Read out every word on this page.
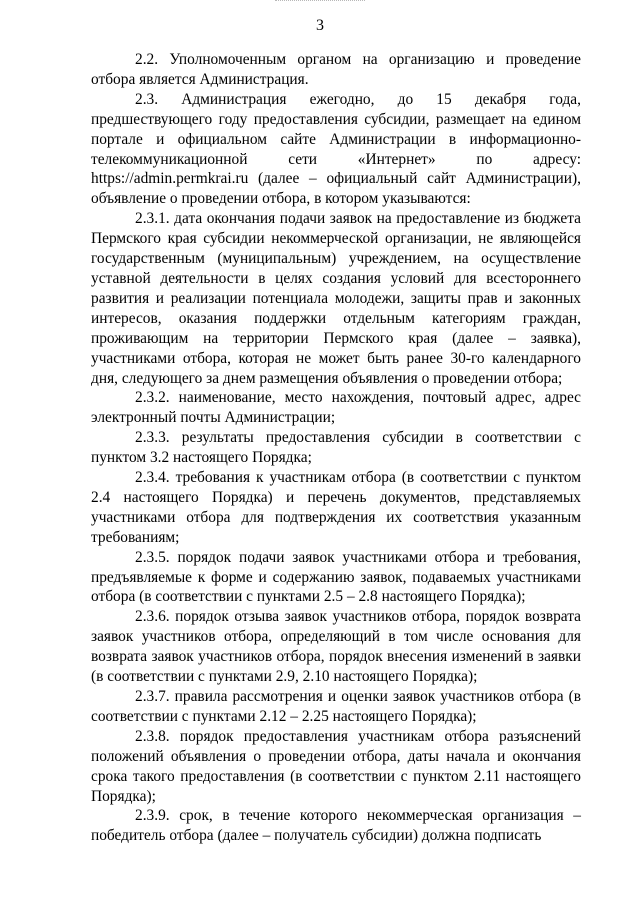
3

2.2. Уполномоченным органом на организацию и проведение отбора является Администрация.

2.3. Администрация ежегодно, до 15 декабря года, предшествующего году предоставления субсидии, размещает на едином портале и официальном сайте Администрации в информационно-телекоммуникационной сети «Интернет» по адресу: https://admin.permkrai.ru (далее – официальный сайт Администрации), объявление о проведении отбора, в котором указываются:

2.3.1. дата окончания подачи заявок на предоставление из бюджета Пермского края субсидии некоммерческой организации, не являющейся государственным (муниципальным) учреждением, на осуществление уставной деятельности в целях создания условий для всестороннего развития и реализации потенциала молодежи, защиты прав и законных интересов, оказания поддержки отдельным категориям граждан, проживающим на территории Пермского края (далее – заявка), участниками отбора, которая не может быть ранее 30-го календарного дня, следующего за днем размещения объявления о проведении отбора;

2.3.2. наименование, место нахождения, почтовый адрес, адрес электронный почты Администрации;

2.3.3. результаты предоставления субсидии в соответствии с пунктом 3.2 настоящего Порядка;

2.3.4. требования к участникам отбора (в соответствии с пунктом 2.4 настоящего Порядка) и перечень документов, представляемых участниками отбора для подтверждения их соответствия указанным требованиям;

2.3.5. порядок подачи заявок участниками отбора и требования, предъявляемые к форме и содержанию заявок, подаваемых участниками отбора (в соответствии с пунктами 2.5 – 2.8 настоящего Порядка);

2.3.6. порядок отзыва заявок участников отбора, порядок возврата заявок участников отбора, определяющий в том числе основания для возврата заявок участников отбора, порядок внесения изменений в заявки (в соответствии с пунктами 2.9, 2.10 настоящего Порядка);

2.3.7. правила рассмотрения и оценки заявок участников отбора (в соответствии с пунктами 2.12 – 2.25 настоящего Порядка);

2.3.8. порядок предоставления участникам отбора разъяснений положений объявления о проведении отбора, даты начала и окончания срока такого предоставления (в соответствии с пунктом 2.11 настоящего Порядка);

2.3.9. срок, в течение которого некоммерческая организация – победитель отбора (далее – получатель субсидии) должна подписать
